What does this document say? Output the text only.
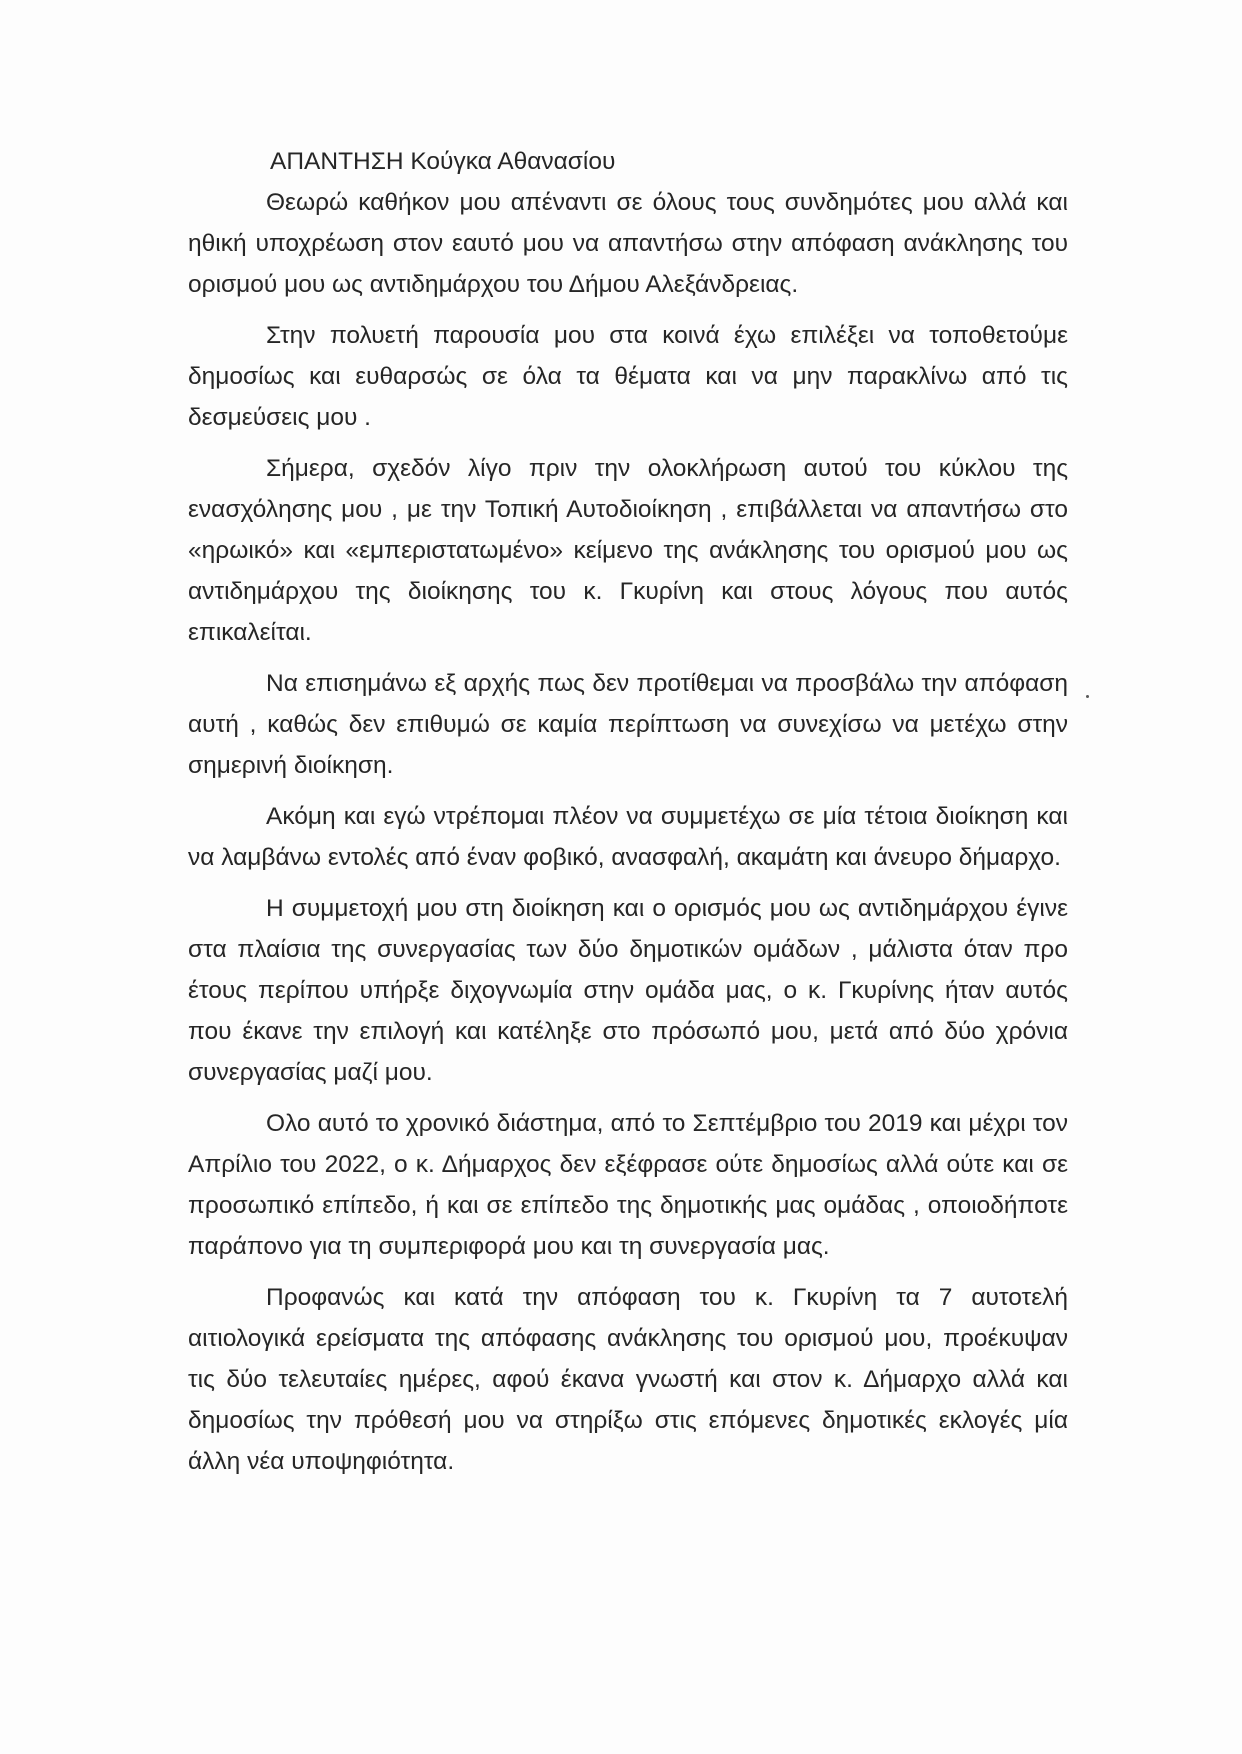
ΑΠΑΝΤΗΣΗ Κούγκα Αθανασίου

Θεωρώ καθήκον μου απέναντι σε όλους τους συνδημότες μου αλλά και ηθική υποχρέωση στον εαυτό μου να απαντήσω στην απόφαση ανάκλησης του ορισμού μου ως αντιδημάρχου του Δήμου Αλεξάνδρειας.

Στην πολυετή παρουσία μου στα κοινά έχω επιλέξει να τοποθετούμε δημοσίως και ευθαρσώς σε όλα τα θέματα και να μην παρακλίνω από τις δεσμεύσεις μου .

Σήμερα, σχεδόν λίγο πριν την ολοκλήρωση αυτού του κύκλου της ενασχόλησης μου , με την Τοπική Αυτοδιοίκηση , επιβάλλεται να απαντήσω στο «ηρωικό» και «εμπεριστατωμένο» κείμενο της ανάκλησης του ορισμού μου ως αντιδημάρχου της διοίκησης του κ. Γκυρίνη και στους λόγους που αυτός επικαλείται.

Να επισημάνω εξ αρχής πως δεν προτίθεμαι να προσβάλω την απόφαση αυτή , καθώς δεν επιθυμώ σε καμία περίπτωση να συνεχίσω να μετέχω στην σημερινή διοίκηση.

Ακόμη και εγώ ντρέπομαι πλέον να συμμετέχω σε μία τέτοια διοίκηση και να λαμβάνω εντολές από έναν φοβικό, ανασφαλή, ακαμάτη και άνευρο δήμαρχο.

Η συμμετοχή μου στη διοίκηση και ο ορισμός μου ως αντιδημάρχου έγινε στα πλαίσια της συνεργασίας των δύο δημοτικών ομάδων , μάλιστα όταν προ έτους περίπου υπήρξε διχογνωμία στην ομάδα μας, ο κ. Γκυρίνης ήταν αυτός που έκανε την επιλογή και κατέληξε στο πρόσωπό μου, μετά από δύο χρόνια συνεργασίας μαζί μου.

Ολο αυτό το χρονικό διάστημα, από το Σεπτέμβριο του 2019 και μέχρι τον Απρίλιο του 2022, ο κ. Δήμαρχος δεν εξέφρασε ούτε δημοσίως αλλά ούτε και σε προσωπικό επίπεδο, ή και σε επίπεδο της δημοτικής μας ομάδας , οποιοδήποτε παράπονο για τη συμπεριφορά μου και τη συνεργασία μας.

Προφανώς και κατά την απόφαση του κ. Γκυρίνη τα 7 αυτοτελή αιτιολογικά ερείσματα της απόφασης ανάκλησης του ορισμού μου, προέκυψαν τις δύο τελευταίες ημέρες, αφού έκανα γνωστή και στον κ. Δήμαρχο αλλά και δημοσίως την πρόθεσή μου να στηρίξω στις επόμενες δημοτικές εκλογές μία άλλη νέα υποψηφιότητα.
